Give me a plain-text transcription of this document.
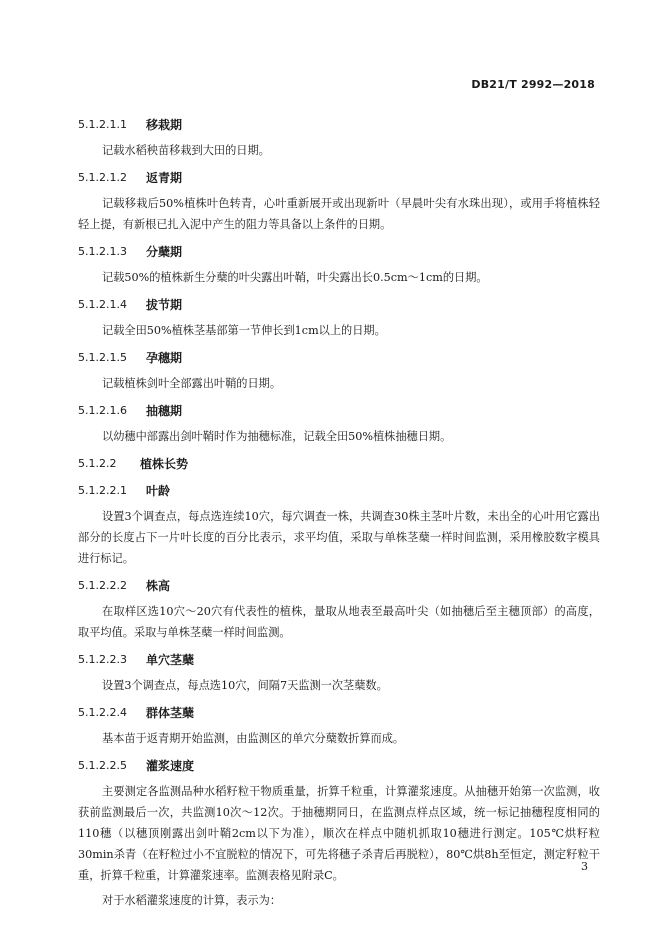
DB21/T 2992—2018
5.1.2.1.1	移栽期

记载水稻秧苗移栽到大田的日期。

5.1.2.1.2	返青期

记载移栽后50%植株叶色转青，心叶重新展开或出现新叶（早晨叶尖有水珠出现），或用手将植株轻轻上提，有新根已扎入泥中产生的阻力等具备以上条件的日期。

5.1.2.1.3	分蘖期

记载50%的植株新生分蘖的叶尖露出叶鞘，叶尖露出长0.5cm～1cm的日期。

5.1.2.1.4	拔节期

记载全田50%植株茎基部第一节伸长到1cm以上的日期。

5.1.2.1.5	孕穗期

记载植株剑叶全部露出叶鞘的日期。

5.1.2.1.6	抽穗期

以幼穗中部露出剑叶鞘时作为抽穗标准，记载全田50%植株抽穗日期。

5.1.2.2	植株长势
5.1.2.2.1	叶龄

设置3个调查点，每点选连续10穴，每穴调查一株，共调查30株主茎叶片数，未出全的心叶用它露出部分的长度占下一片叶长度的百分比表示，求平均值，采取与单株茎蘖一样时间监测，采用橡胶数字模具进行标记。

5.1.2.2.2	株高

在取样区选10穴～20穴有代表性的植株，量取从地表至最高叶尖（如抽穗后至主穗顶部）的高度，取平均值。采取与单株茎蘖一样时间监测。

5.1.2.2.3	单穴茎蘖

设置3个调查点，每点选10穴，间隔7天监测一次茎蘖数。

5.1.2.2.4	群体茎蘖

基本苗于返青期开始监测，由监测区的单穴分蘖数折算而成。

5.1.2.2.5	灌浆速度

主要测定各监测品种水稻籽粒干物质重量，折算千粒重，计算灌浆速度。从抽穗开始第一次监测，收获前监测最后一次，共监测10次～12次。于抽穗期同日，在监测点样点区域，统一标记抽穗程度相同的110穗（以穗顶刚露出剑叶鞘2cm以下为准），顺次在样点中随机抓取10穗进行测定。105℃烘籽粒30min杀青（在籽粒过小不宜脱粒的情况下，可先将穗子杀青后再脱粒），80℃烘8h至恒定，测定籽粒干重，折算千粒重，计算灌浆速率。监测表格见附录C。

对于水稻灌浆速度的计算，表示为：

3
